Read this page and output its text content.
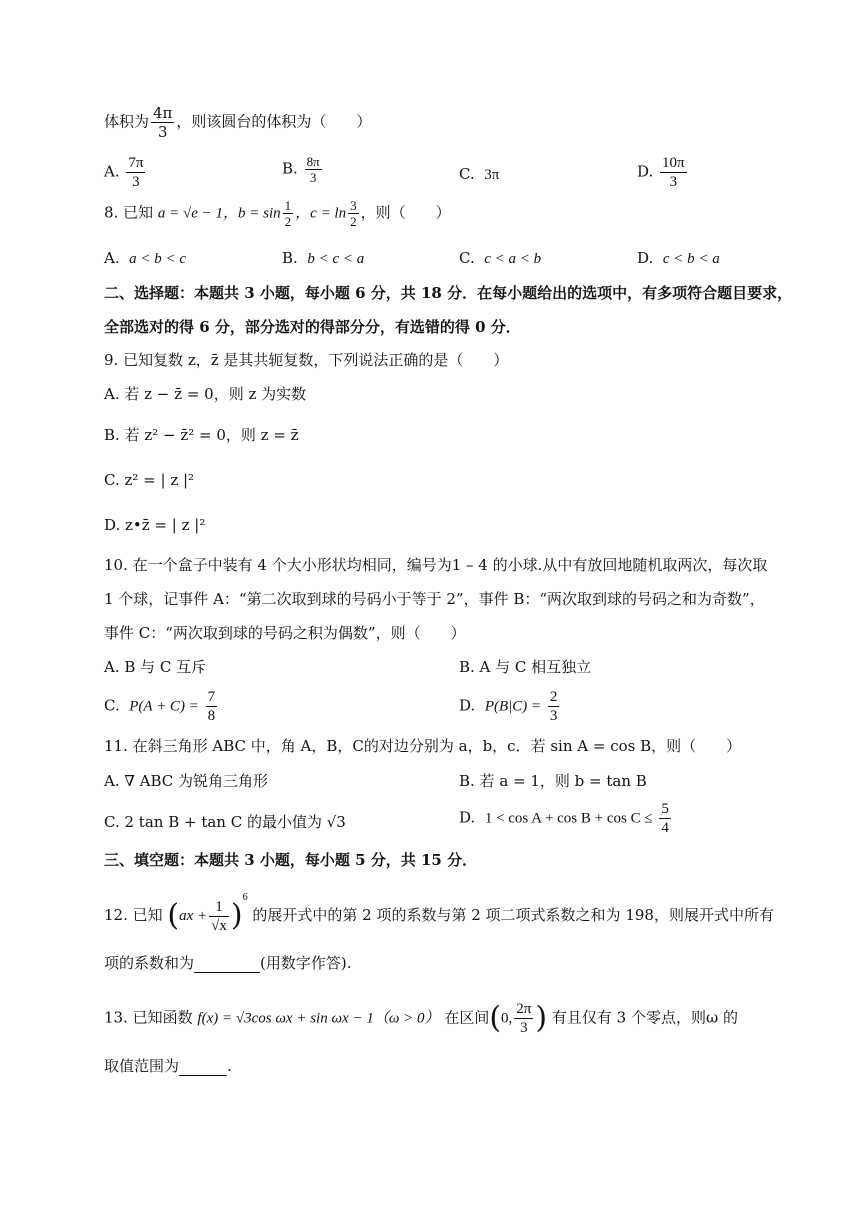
体积为 $\frac{4\pi}{3}$ ，则该圆台的体积为（　　）
A. $\frac{7\pi}{3}$	B. $\frac{8\pi}{3}$	C. 3π	D. $\frac{10\pi}{3}$
8. 已知 a = √e − 1，$b = \sin \frac{1}{2}$ ，$c = \ln \frac{3}{2}$ ，则（　　）
A. a < b < c	B. b < c < a	C. c < a < b	D. c < b < a
二、选择题：本题共 3 小题，每小题 6 分，共 18 分．在每小题给出的选项中，有多项符合题目要求，
全部选对的得 6 分，部分选对的得部分分，有选错的得 0 分．
9. 已知复数 z，z̄ 是其共轭复数，下列说法正确的是（　　）
A. 若 z − z̄ = 0，则 z 为实数
B. 若 z² − z̄² = 0，则 z = z̄
C. z² = | z |²
D. z•z̄ = | z |²
10. 在一个盒子中装有 4 个大小形状均相同，编号为1 – 4 的小球.从中有放回地随机取两次，每次取
1 个球，记事件 A：“第二次取到球的号码小于等于 2”，事件 B：“两次取到球的号码之和为奇数”，
事件 C：“两次取到球的号码之积为偶数”，则（　　）
A. B 与 C 互斥	B. A 与 C 相互独立
C. $P(A + C) = \frac{7}{8}$	D. $P(B|C) = \frac{2}{3}$
11. 在斜三角形 ABC 中，角 A，B，C的对边分别为 a，b，c．若 sin A = cos B，则（　　）
A. ∇ ABC 为锐角三角形	B. 若 a = 1，则 b = tan B
C. 2 tan B + tan C 的最小值为 √3	D. $1 < \cos A + \cos B + \cos C \le \frac{5}{4}$
三、填空题：本题共 3 小题，每小题 5 分，共 15 分．
12. 已知 $(ax + \frac{1}{√x} )^6$ 的展开式中的第 2 项的系数与第 2 项二项式系数之和为 198，则展开式中所有
项的系数和为	(用数字作答).
13. 已知函数 f(x) = √3cos ωx + sin ωx − 1（ω > 0） 在区间(0, $\frac{2\pi}{3}$ ) 有且仅有 3 个零点，则ω 的
取值范围为	.
